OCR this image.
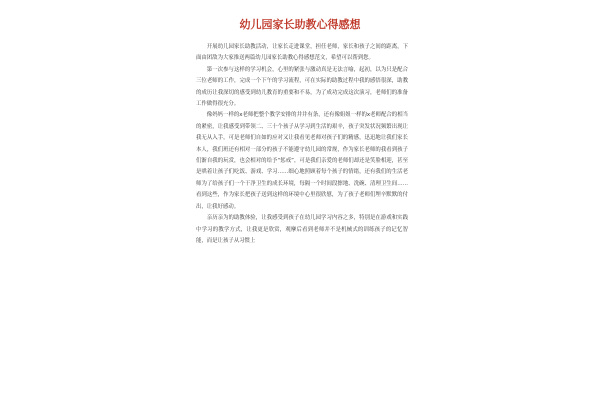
幼儿园家长助教心得感想

开展幼儿园家长助教活动，让家长走进课堂，担任老师，家长和孩子之间的距离，下面由团敌为大家推送两篇幼儿园家长助教心得感想范文，希望可以帮到您。

第一次参与这样的学习机会，心里的紧张与激动真是无法言喻，起初，以为只是配合三位老师的工作，完成一个下午的学习流程，可在实际的助教过程中我的感悟很深，助教的成历让我深切的感受到幼儿教育的重要和不易，为了成功完成这次演习，老师们的准备工作做得很充分。

像妈妈一样的x老师把整个教学安排的井井有条，还有像姐姐一样的x老师配合的相当的紧密，让我感受到带领二、三十个孩子从学习到生活的艰辛，孩子突发状况频繁出现让我无从入手，可是老师们自如的应对又让我看见老师对孩子们的精感，迅迅地让我们家长本人，我们班还有相对一部分的孩子不能遵守幼儿园的常规，作为家长老师的我看到孩子们渐自我的玩赏，也会相对的给予“惩戒”，可是我们亲爱的老师们却还是笑脸相迎，甚至是哄着让孩子们吃饭、游戏、学习……细心地照顾着每个孩子的情绪，还有我们的生活老师为了给孩子们一个干净卫生的成长环境，每隔一个时间段擦地、洗碗、清理卫生间……看到这些，作为家长把孩子送到这样的环境中心里很欣慰，为了孩子老师们埋辛默默的付出，让我好感动。

亲历亲为的助教体验，让我感受到孩子在幼儿园学习内容之多，特别是在游戏和实践中学习的教学方式，让我更是欣赏，观摩后看到老师并不是机械式的训练孩子的记忆智能，而是让孩子从习惯上
